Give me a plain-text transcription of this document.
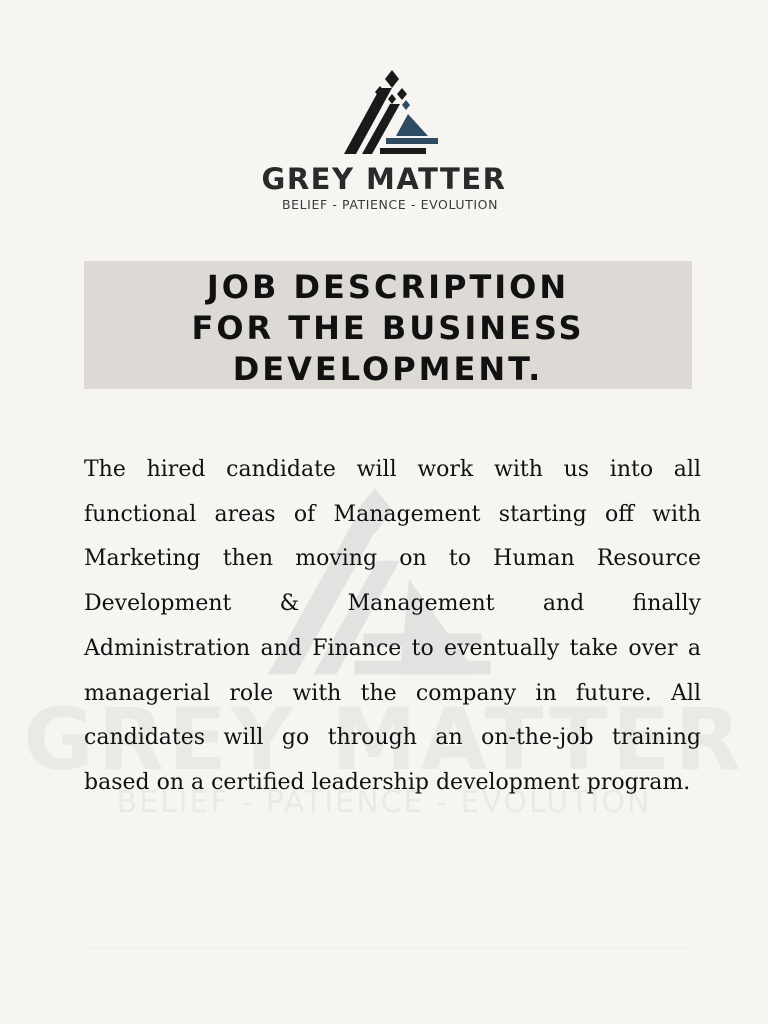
GREY MATTER
BELIEF - PATIENCE - EVOLUTION
JOB DESCRIPTION
FOR THE BUSINESS
DEVELOPMENT.

The hired candidate will work with us into all functional areas of Management starting off with Marketing then moving on to Human Resource Development & Management and finally Administration and Finance to eventually take over a managerial role with the company in future. All candidates will go through an on-the-job training based on a certified leadership development program.
